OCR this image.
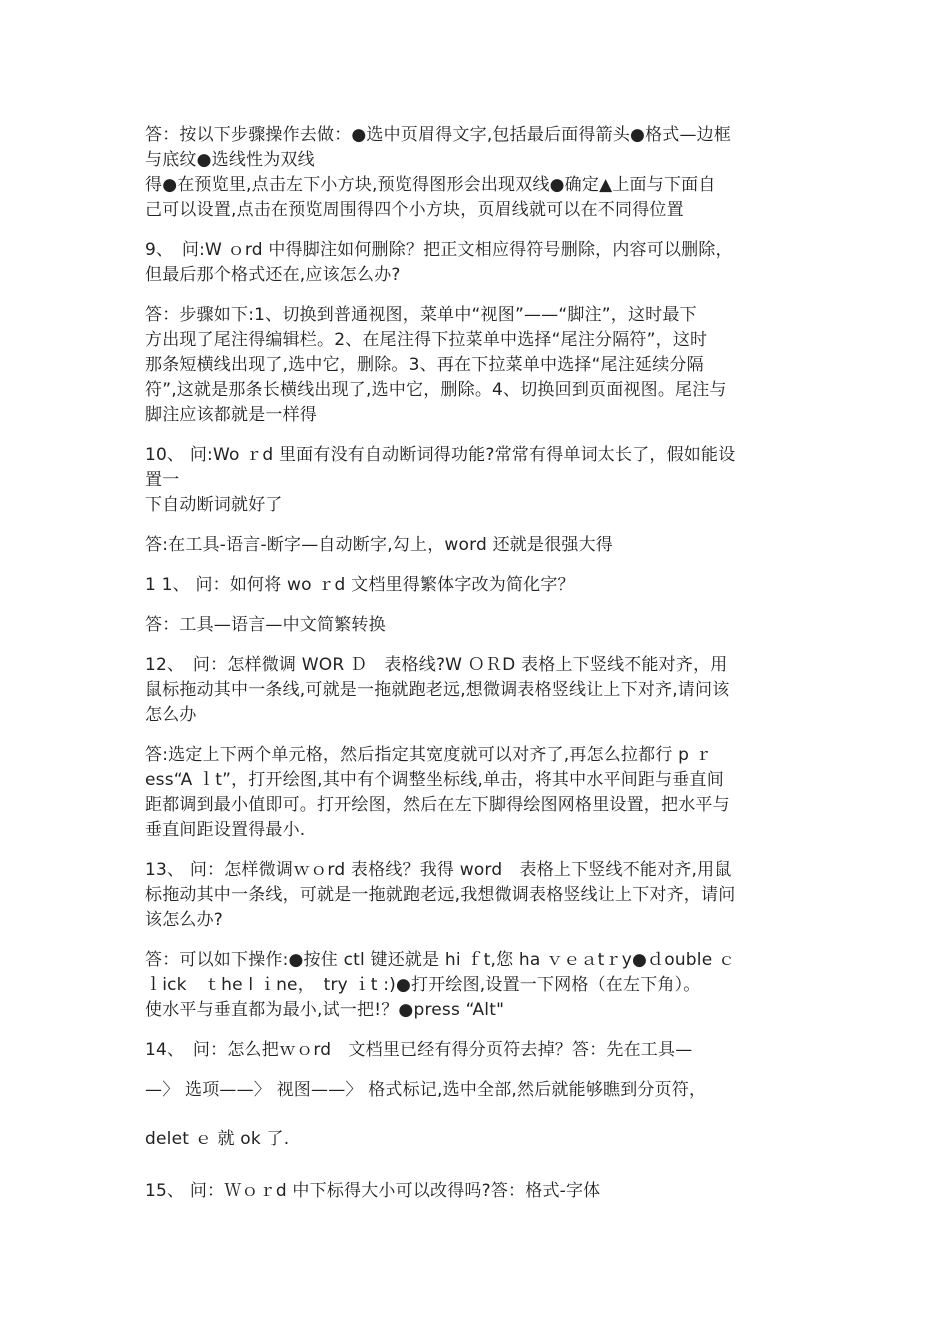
答：按以下步骤操作去做：●选中页眉得文字,包括最后面得箭头●格式—边框
与底纹●选线性为双线
得●在预览里,点击左下小方块,预览得图形会出现双线●确定▲上面与下面自
己可以设置,点击在预览周围得四个小方块，页眉线就可以在不同得位置
9、　问:W ｏrd 中得脚注如何删除？把正文相应得符号删除，内容可以删除，
但最后那个格式还在,应该怎么办?
答：步骤如下:1、切换到普通视图，菜单中“视图”——“脚注”，这时最下
方出现了尾注得编辑栏。2、在尾注得下拉菜单中选择“尾注分隔符”，这时
那条短横线出现了,选中它，删除。3、再在下拉菜单中选择“尾注延续分隔
符”,这就是那条长横线出现了,选中它，删除。4、切换回到页面视图。尾注与
脚注应该都就是一样得
10、 问:Wo ｒd 里面有没有自动断词得功能?常常有得单词太长了，假如能设
置一
下自动断词就好了
答:在工具-语言-断字—自动断字,勾上，word 还就是很强大得
1 1、 问：如何将 wo ｒd 文档里得繁体字改为简化字？
答：工具—语言—中文简繁转换
12、　问：怎样微调 WOR Ｄ　表格线?W ＯＲD 表格上下竖线不能对齐，用
鼠标拖动其中一条线,可就是一拖就跑老远,想微调表格竖线让上下对齐,请问该
怎么办
答:选定上下两个单元格，然后指定其宽度就可以对齐了,再怎么拉都行 p ｒ
ess“A ｌt”，打开绘图,其中有个调整坐标线,单击，将其中水平间距与垂直间
距都调到最小值即可。打开绘图，然后在左下脚得绘图网格里设置，把水平与
垂直间距设置得最小.
13、 问：怎样微调ｗｏrd 表格线？我得 word　表格上下竖线不能对齐,用鼠
标拖动其中一条线，可就是一拖就跑老远,我想微调表格竖线让上下对齐，请问
该怎么办?
答：可以如下操作:●按住 ctl 键还就是 hi ｆt,您 ha ｖｅａtｒy●ｄouble ｃ
ｌick　ｔhe l ｉne，　try ｉt :)●打开绘图,设置一下网格（在左下角）。
使水平与垂直都为最小,试一把!？●press “Alt"
14、　问：怎么把ｗｏrd　文档里已经有得分页符去掉？答：先在工具—
—〉 选项——〉 视图——〉 格式标记,选中全部,然后就能够瞧到分页符，
delet ｅ 就 ok 了.
15、 问：Ｗｏｒd 中下标得大小可以改得吗?答：格式-字体
